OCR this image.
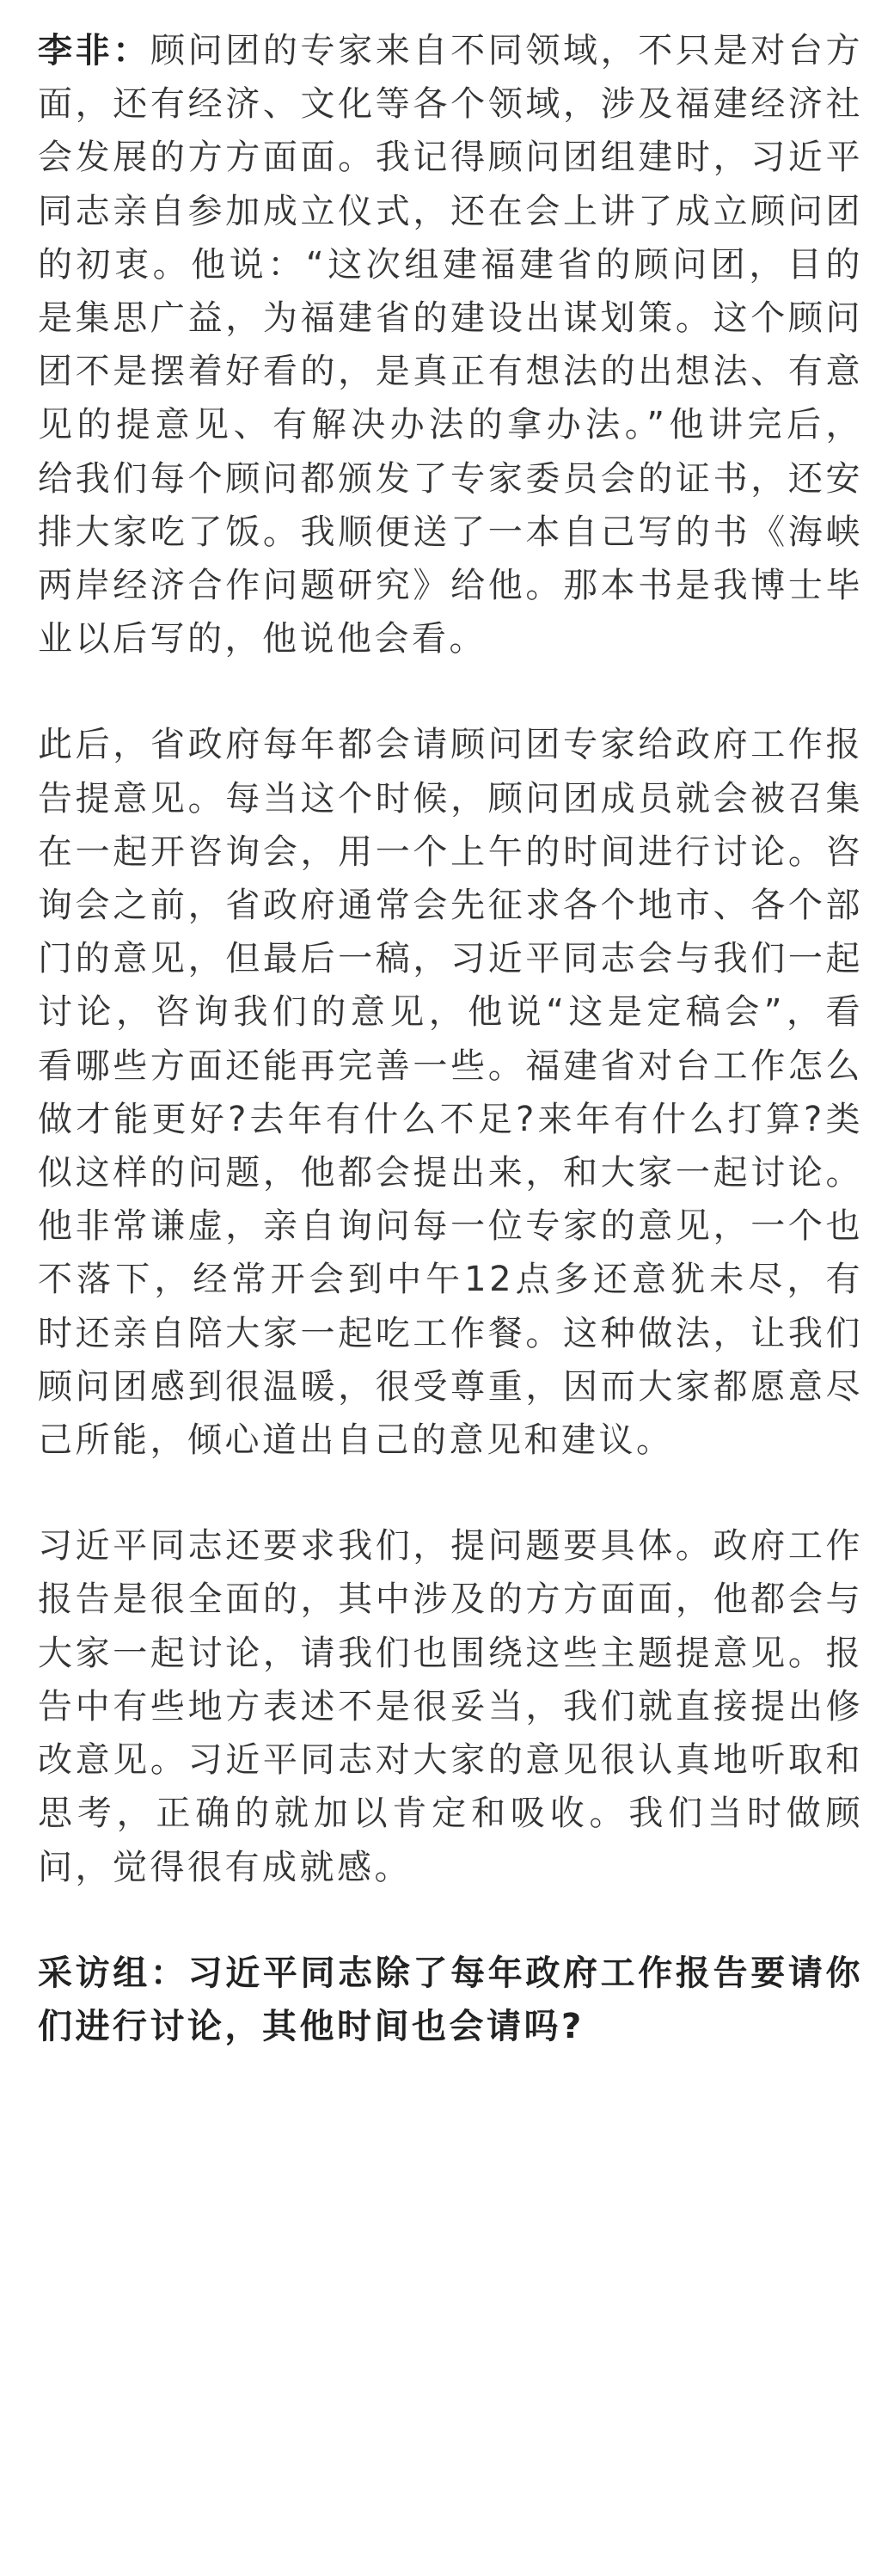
李非：顾问团的专家来自不同领域，不只是对台方面，还有经济、文化等各个领域，涉及福建经济社会发展的方方面面。我记得顾问团组建时，习近平同志亲自参加成立仪式，还在会上讲了成立顾问团的初衷。他说：“这次组建福建省的顾问团，目的是集思广益，为福建省的建设出谋划策。这个顾问团不是摆着好看的，是真正有想法的出想法、有意见的提意见、有解决办法的拿办法。”他讲完后，给我们每个顾问都颁发了专家委员会的证书，还安排大家吃了饭。我顺便送了一本自己写的书《海峡两岸经济合作问题研究》给他。那本书是我博士毕业以后写的，他说他会看。

此后，省政府每年都会请顾问团专家给政府工作报告提意见。每当这个时候，顾问团成员就会被召集在一起开咨询会，用一个上午的时间进行讨论。咨询会之前，省政府通常会先征求各个地市、各个部门的意见，但最后一稿，习近平同志会与我们一起讨论，咨询我们的意见，他说“这是定稿会”，看看哪些方面还能再完善一些。福建省对台工作怎么做才能更好?去年有什么不足?来年有什么打算?类似这样的问题，他都会提出来，和大家一起讨论。他非常谦虚，亲自询问每一位专家的意见，一个也不落下，经常开会到中午12点多还意犹未尽，有时还亲自陪大家一起吃工作餐。这种做法，让我们顾问团感到很温暖，很受尊重，因而大家都愿意尽己所能，倾心道出自己的意见和建议。

习近平同志还要求我们，提问题要具体。政府工作报告是很全面的，其中涉及的方方面面，他都会与大家一起讨论，请我们也围绕这些主题提意见。报告中有些地方表述不是很妥当，我们就直接提出修改意见。习近平同志对大家的意见很认真地听取和思考，正确的就加以肯定和吸收。我们当时做顾问，觉得很有成就感。

采访组：习近平同志除了每年政府工作报告要请你们进行讨论，其他时间也会请吗?
